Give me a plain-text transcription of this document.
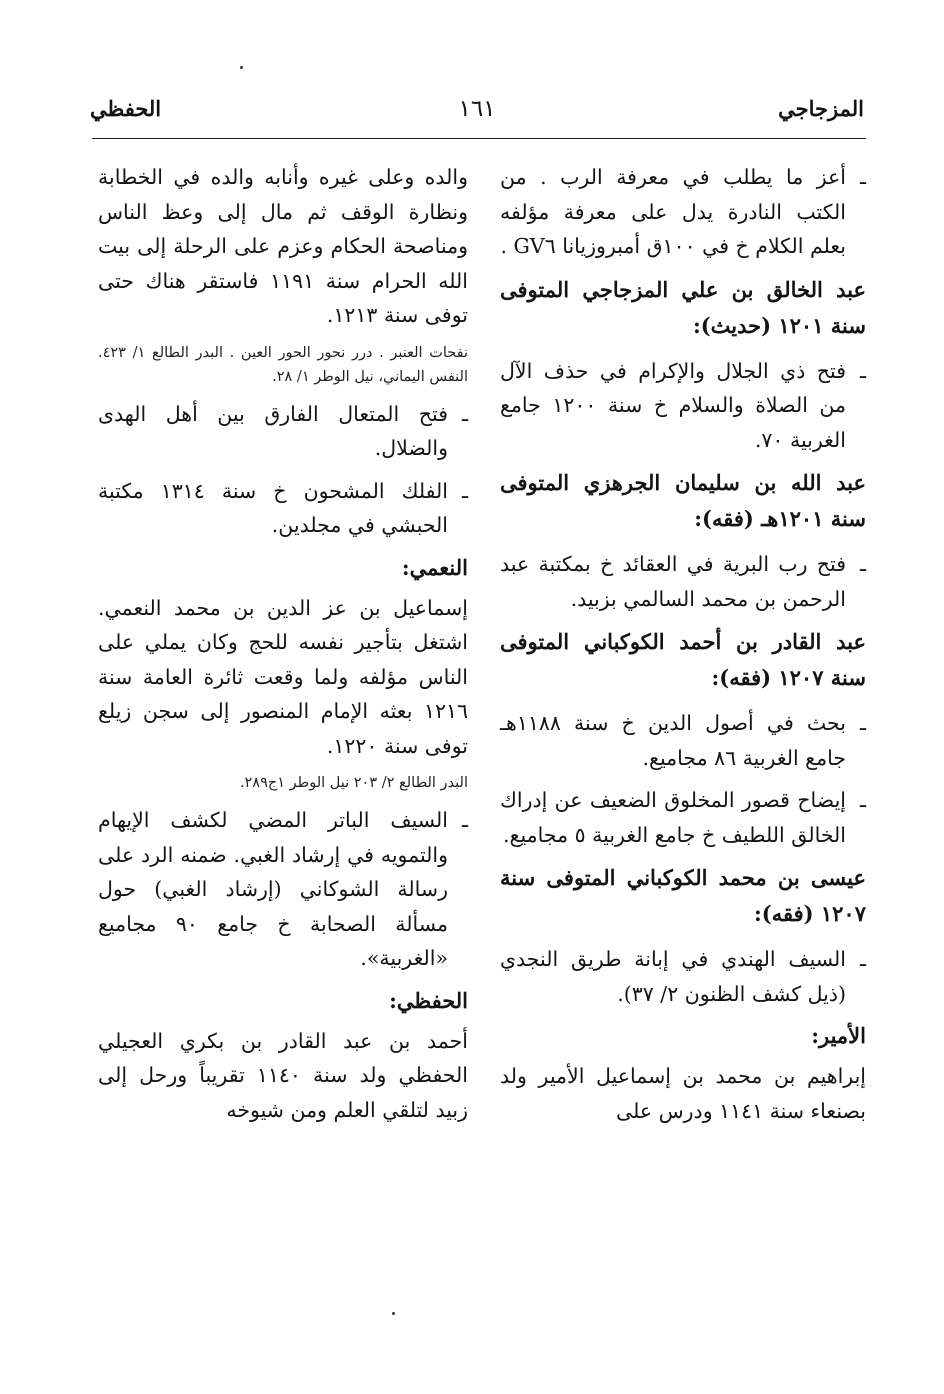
المزجاجي
١٦١
الحفظي
ـ
أعز ما يطلب في معرفة الرب . من الكتب النادرة يدل على معرفة مؤلفه بعلم الكلام خ في ١٠٠ق أمبروزيانا GV٦ .
عبد الخالق بن علي المزجاجي المتوفى سنة ١٢٠١ (حديث):
ـ
فتح ذي الجلال والإكرام في حذف الآل من الصلاة والسلام خ سنة ١٢٠٠ جامع الغربية ٧٠.
عبد الله بن سليمان الجرهزي المتوفى سنة ١٢٠١هـ (فقه):
ـ
فتح رب البرية في العقائد خ بمكتبة عبد الرحمن بن محمد السالمي بزبيد.
عبد القادر بن أحمد الكوكباني المتوفى سنة ١٢٠٧ (فقه):
ـ
بحث في أصول الدين خ سنة ١١٨٨هـ جامع الغربية ٨٦ مجاميع.
ـ
إيضاح قصور المخلوق الضعيف عن إدراك الخالق اللطيف خ جامع الغربية ٥ مجاميع.
عيسى بن محمد الكوكباني المتوفى سنة ١٢٠٧ (فقه):
ـ
السيف الهندي في إبانة طريق النجدي (ذيل كشف الظنون ٢/ ٣٧).
الأمير:
إبراهيم بن محمد بن إسماعيل الأمير ولد بصنعاء سنة ١١٤١ ودرس على
والده وعلى غيره وأنابه والده في الخطابة ونظارة الوقف ثم مال إلى وعظ الناس ومناصحة الحكام وعزم على الرحلة إلى بيت الله الحرام سنة ١١٩١ فاستقر هناك حتى توفى سنة ١٢١٣.
نفحات العنبر . درر نحور الحور العين . البدر الطالع ١/ ٤٢٣. النفس اليماني، نيل الوطر ١/ ٢٨.
ـ
فتح المتعال الفارق بين أهل الهدى والضلال.
ـ
الفلك المشحون خ سنة ١٣١٤ مكتبة الحبشي في مجلدين.
النعمي:
إسماعيل بن عز الدين بن محمد النعمي. اشتغل بتأجير نفسه للحج وكان يملي على الناس مؤلفه ولما وقعت ثائرة العامة سنة ١٢١٦ بعثه الإمام المنصور إلى سجن زيلع توفى سنة ١٢٢٠.
البدر الطالع ٢/ ٢٠٣ نيل الوطر ١ج٢٨٩.
ـ
السيف الباتر المضي لكشف الإيهام والتمويه في إرشاد الغبي. ضمنه الرد على رسالة الشوكاني (إرشاد الغبي) حول مسألة الصحابة خ جامع ٩٠ مجاميع «الغربية».
الحفظي:
أحمد بن عبد القادر بن بكري العجيلي الحفظي ولد سنة ١١٤٠ تقريباً ورحل إلى زبيد لتلقي العلم ومن شيوخه
